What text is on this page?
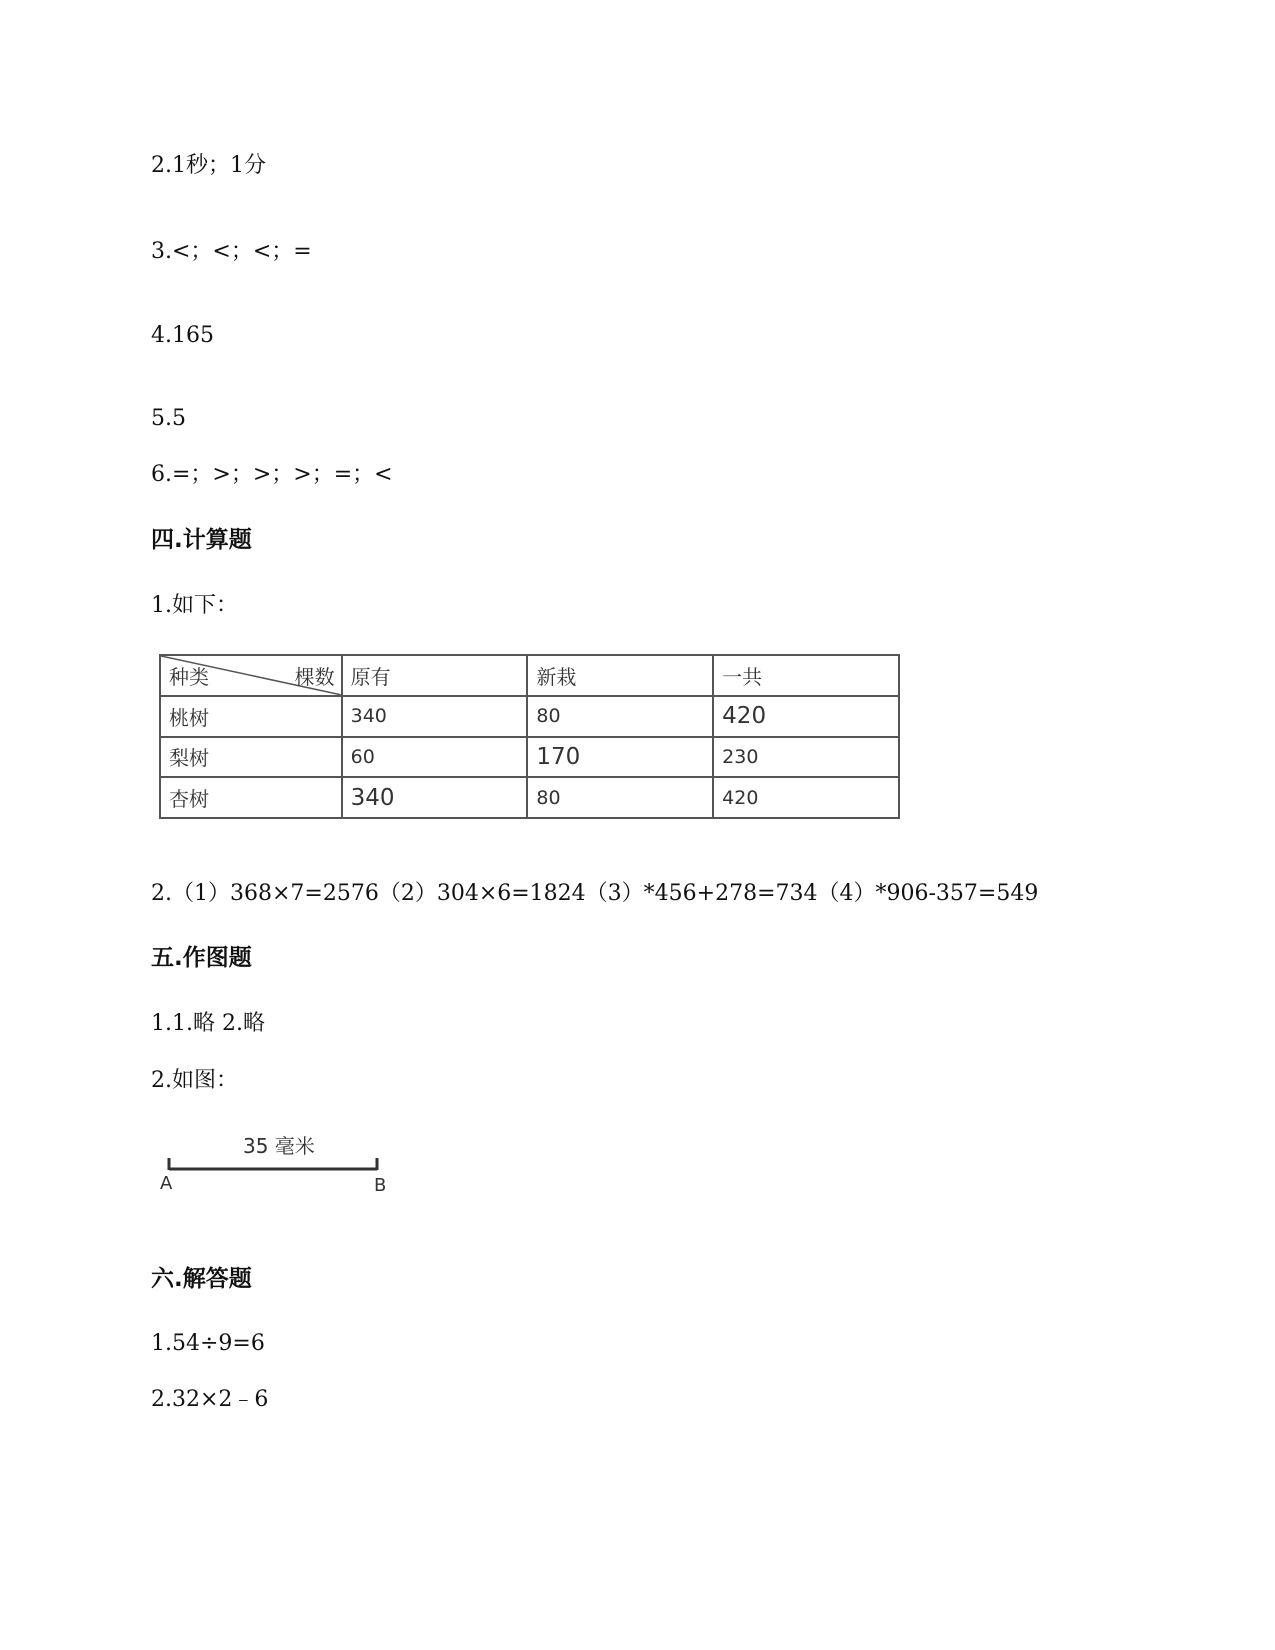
2.1秒；1分
3.<；<；<；=
4.165
5.5
6.=；>；>；>；=；<
四.计算题
1.如下：
种类 棵数	原有	新栽	一共
桃树	340	80	420
梨树	60	170	230
杏树	340	80	420
2.（1）368×7=2576（2）304×6=1824（3）*456+278=734（4）*906-357=549
五.作图题
1.1.略 2.略
2.如图：
35 毫米
A	B
六.解答题
1.54÷9=6
2.32×2﹣6
